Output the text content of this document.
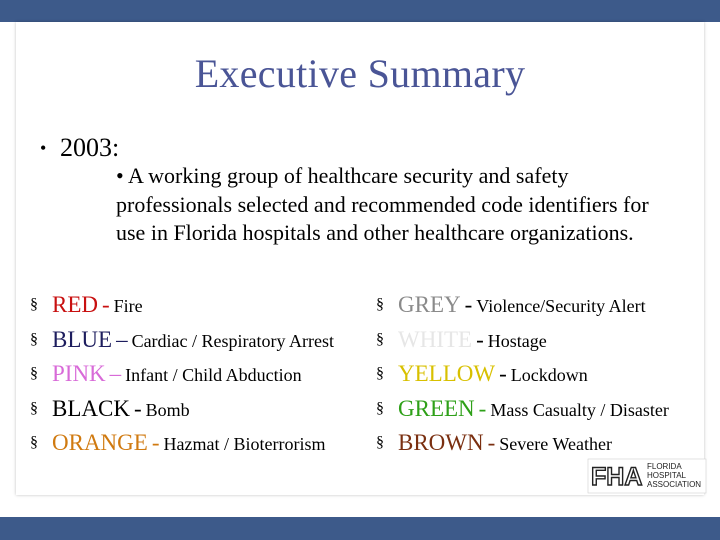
Executive Summary
• 2003:
• A working group of healthcare security and safety professionals selected and recommended code identifiers for use in Florida hospitals and other healthcare organizations.
§ RED - Fire
§ BLUE – Cardiac / Respiratory Arrest
§ PINK – Infant / Child Abduction
§ BLACK - Bomb
§ ORANGE - Hazmat / Bioterrorism
§ GREY - Violence/Security Alert
§ WHITE - Hostage
§ YELLOW - Lockdown
§ GREEN - Mass Casualty / Disaster
§ BROWN - Severe Weather
FHA FLORIDA
HOSPITAL
ASSOCIATION
